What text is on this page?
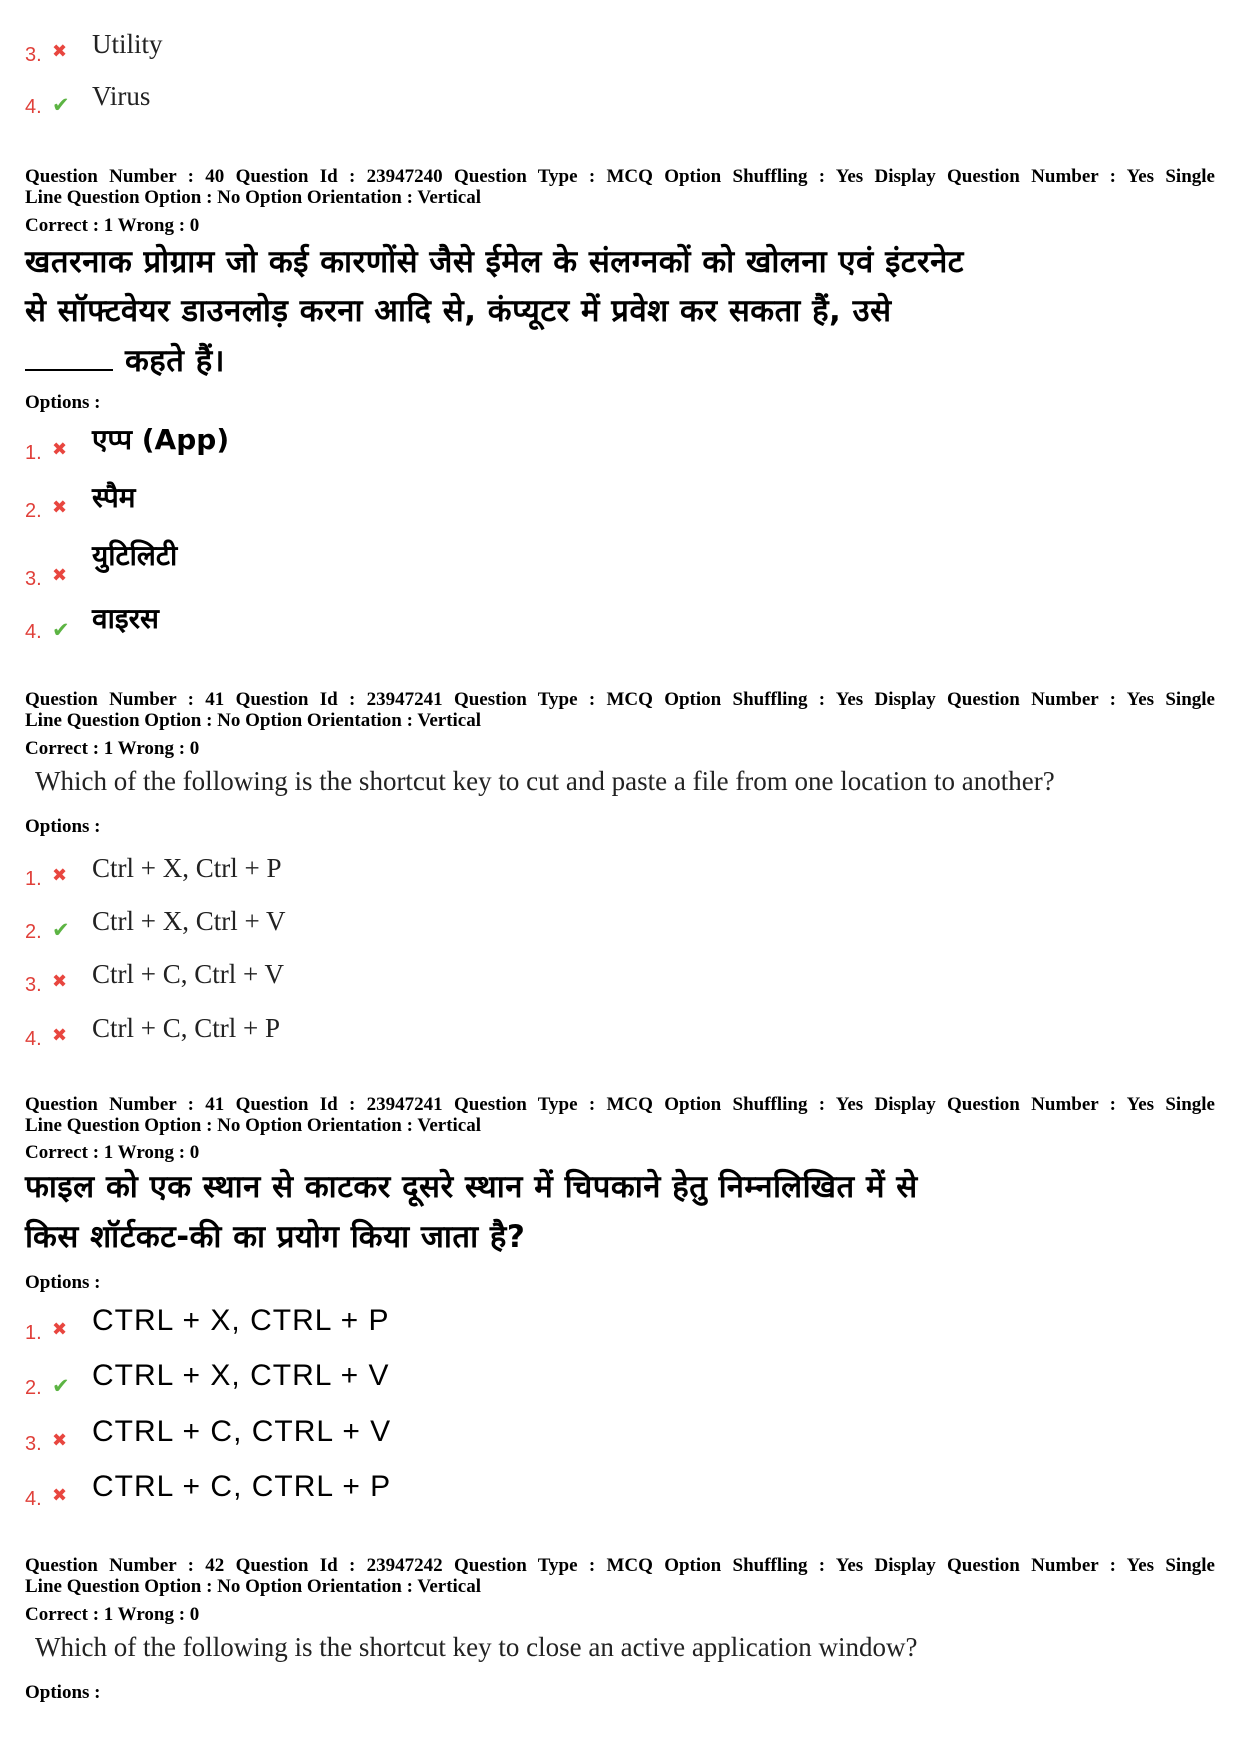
3. ✖ Utility
4. ✔ Virus
Question Number : 40 Question Id : 23947240 Question Type : MCQ Option Shuffling : Yes Display Question Number : Yes Single
Line Question Option : No Option Orientation : Vertical
Correct : 1 Wrong : 0
खतरनाक प्रोग्राम जो कई कारणोंसे जैसे ईमेल के संलग्नकों को खोलना एवं इंटरनेट
से सॉफ्टवेयर डाउनलोड़ करना आदि से, कंप्यूटर में प्रवेश कर सकता हैं, उसे
कहते हैं।
Options :
1. ✖ एप्प (App)
2. ✖ स्पैम
3. ✖
युटिलिटी
4. ✔ वाइरस
Question Number : 41 Question Id : 23947241 Question Type : MCQ Option Shuffling : Yes Display Question Number : Yes Single
Line Question Option : No Option Orientation : Vertical
Correct : 1 Wrong : 0
Which of the following is the shortcut key to cut and paste a file from one location to another?
Options :
1. ✖ Ctrl + X, Ctrl + P
2. ✔ Ctrl + X, Ctrl + V
3. ✖ Ctrl + C, Ctrl + V
4. ✖ Ctrl + C, Ctrl + P
Question Number : 41 Question Id : 23947241 Question Type : MCQ Option Shuffling : Yes Display Question Number : Yes Single
Line Question Option : No Option Orientation : Vertical
Correct : 1 Wrong : 0
फाइल को एक स्थान से काटकर दूसरे स्थान में चिपकाने हेतु निम्नलिखित में से
किस शॉर्टकट-की का प्रयोग किया जाता है?
Options :
1. ✖ CTRL + X, CTRL + P
2. ✔ CTRL + X, CTRL + V
3. ✖ CTRL + C, CTRL + V
4. ✖ CTRL + C, CTRL + P
Question Number : 42 Question Id : 23947242 Question Type : MCQ Option Shuffling : Yes Display Question Number : Yes Single
Line Question Option : No Option Orientation : Vertical
Correct : 1 Wrong : 0
Which of the following is the shortcut key to close an active application window?
Options :
